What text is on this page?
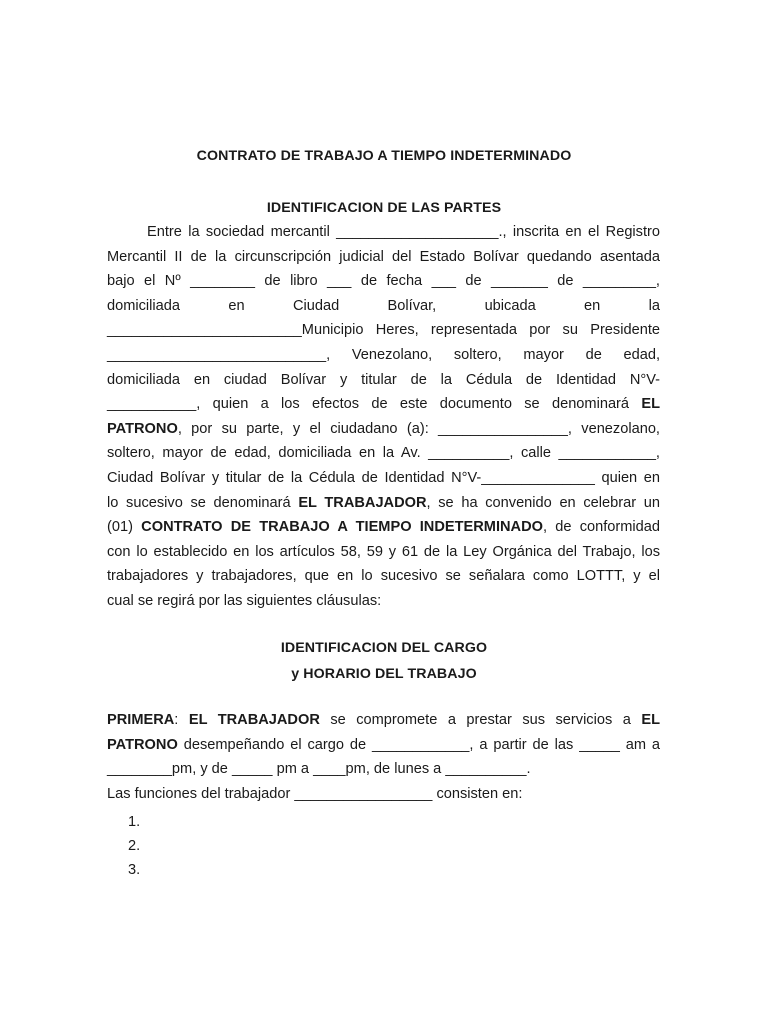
CONTRATO DE TRABAJO A TIEMPO INDETERMINADO
IDENTIFICACION DE LAS PARTES
Entre la sociedad mercantil ____________________., inscrita en el Registro
Mercantil II de la circunscripción judicial del Estado Bolívar quedando asentada
bajo el Nº ________ de libro ___ de fecha ___ de _______ de _________,
domiciliada en Ciudad Bolívar, ubicada en la
________________________Municipio Heres, representada por su Presidente
___________________________, Venezolano, soltero, mayor de edad,
domiciliada en ciudad Bolívar y titular de la Cédula de Identidad N°V-
___________, quien a los efectos de este documento se denominará EL
PATRONO, por su parte, y el ciudadano (a): ________________, venezolano,
soltero, mayor de edad, domiciliada en la Av. __________, calle ____________,
Ciudad Bolívar y titular de la Cédula de Identidad N°V-______________ quien en
lo sucesivo se denominará EL TRABAJADOR, se ha convenido en celebrar un
(01) CONTRATO DE TRABAJO A TIEMPO INDETERMINADO, de conformidad
con lo establecido en los artículos 58, 59 y 61 de la Ley Orgánica del Trabajo, los
trabajadores y trabajadores, que en lo sucesivo se señalara como LOTTT, y el
cual se regirá por las siguientes cláusulas:
IDENTIFICACION DEL CARGO
y HORARIO DEL TRABAJO
PRIMERA: EL TRABAJADOR se compromete a prestar sus servicios a EL
PATRONO desempeñando el cargo de ____________, a partir de las _____ am a
________pm, y de _____ pm a ____pm, de lunes a __________.
Las funciones del trabajador _________________ consisten en:
1.
2.
3.
